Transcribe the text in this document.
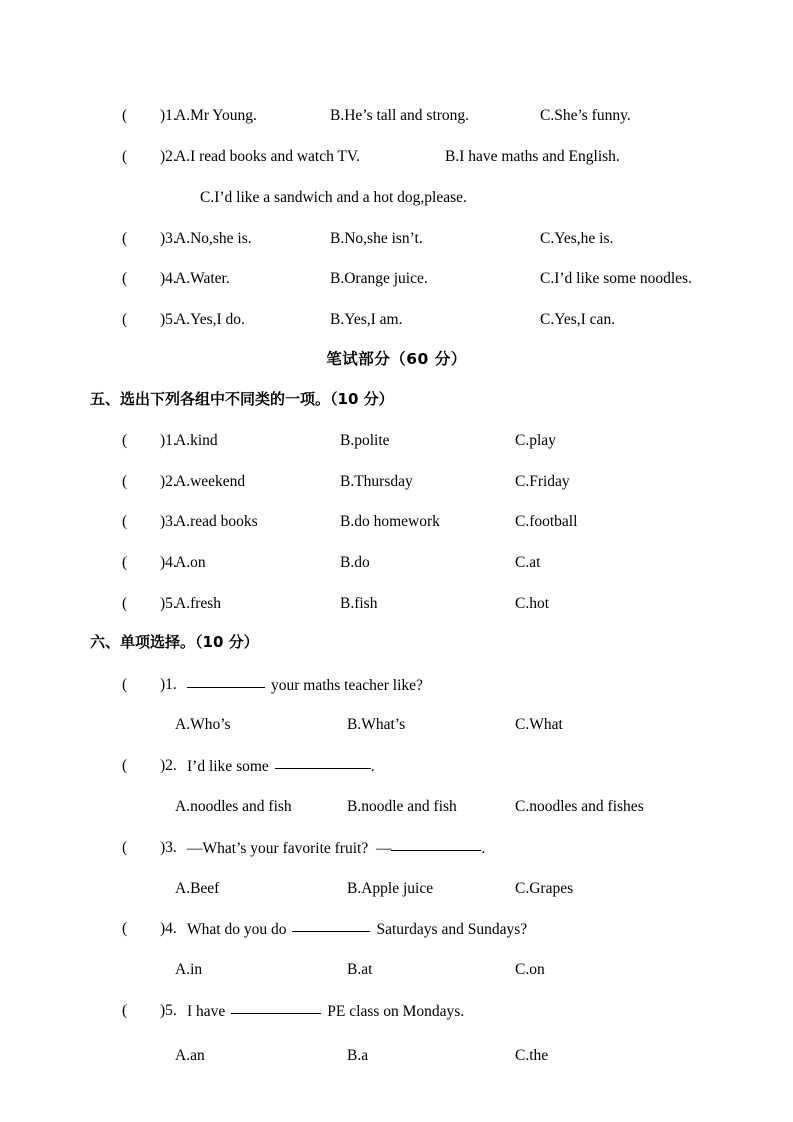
( )1.
A.Mr Young.	B.He’s tall and strong.	C.She’s funny.
( )2.
A.I read books and watch TV.	B.I have maths and English.
C.I’d like a sandwich and a hot dog,please.
( )3.
A.No,she is.	B.No,she isn’t.	C.Yes,he is.
( )4.
A.Water.	B.Orange juice.	C.I’d like some noodles.
( )5.
A.Yes,I do.	B.Yes,I am.	C.Yes,I can.
笔试部分（60 分）
五、选出下列各组中不同类的一项。（10 分）
( )1.
A.kind	B.polite	C.play
( )2.
A.weekend	B.Thursday	C.Friday
( )3.
A.read books	B.do homework	C.football
( )4.
A.on	B.do	C.at
( )5.
A.fresh	B.fish	C.hot
六、单项选择。（10 分）
( )1.	your maths teacher like?
A.Who’s	B.What’s	C.What
( )2. I’d like some	.
A.noodles and fish	B.noodle and fish	C.noodles and fishes
( )3. —What’s your favorite fruit?  —	.
A.Beef	B.Apple juice	C.Grapes
( )4. What do you do	Saturdays and Sundays?
A.in	B.at	C.on
( )5. I have	PE class on Mondays.
A.an	B.a	C.the
